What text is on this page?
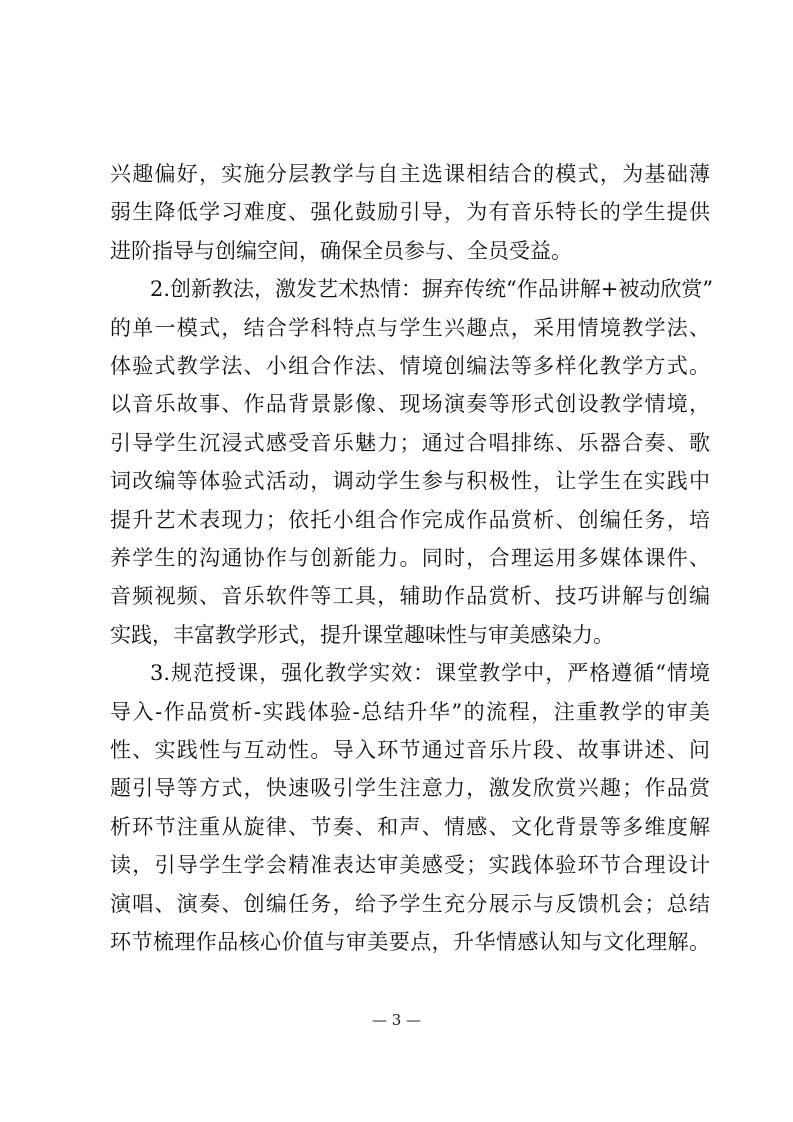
兴趣偏好，实施分层教学与自主选课相结合的模式，为基础薄
弱生降低学习难度、强化鼓励引导，为有音乐特长的学生提供
进阶指导与创编空间，确保全员参与、全员受益。
2.创新教法，激发艺术热情：摒弃传统“作品讲解+被动欣赏”
的单一模式，结合学科特点与学生兴趣点，采用情境教学法、
体验式教学法、小组合作法、情境创编法等多样化教学方式。
以音乐故事、作品背景影像、现场演奏等形式创设教学情境，
引导学生沉浸式感受音乐魅力；通过合唱排练、乐器合奏、歌
词改编等体验式活动，调动学生参与积极性，让学生在实践中
提升艺术表现力；依托小组合作完成作品赏析、创编任务，培
养学生的沟通协作与创新能力。同时，合理运用多媒体课件、
音频视频、音乐软件等工具，辅助作品赏析、技巧讲解与创编
实践，丰富教学形式，提升课堂趣味性与审美感染力。
3.规范授课，强化教学实效：课堂教学中，严格遵循“情境
导入-作品赏析-实践体验-总结升华”的流程，注重教学的审美
性、实践性与互动性。导入环节通过音乐片段、故事讲述、问
题引导等方式，快速吸引学生注意力，激发欣赏兴趣；作品赏
析环节注重从旋律、节奏、和声、情感、文化背景等多维度解
读，引导学生学会精准表达审美感受；实践体验环节合理设计
演唱、演奏、创编任务，给予学生充分展示与反馈机会；总结
环节梳理作品核心价值与审美要点，升华情感认知与文化理解。
— 3 —
